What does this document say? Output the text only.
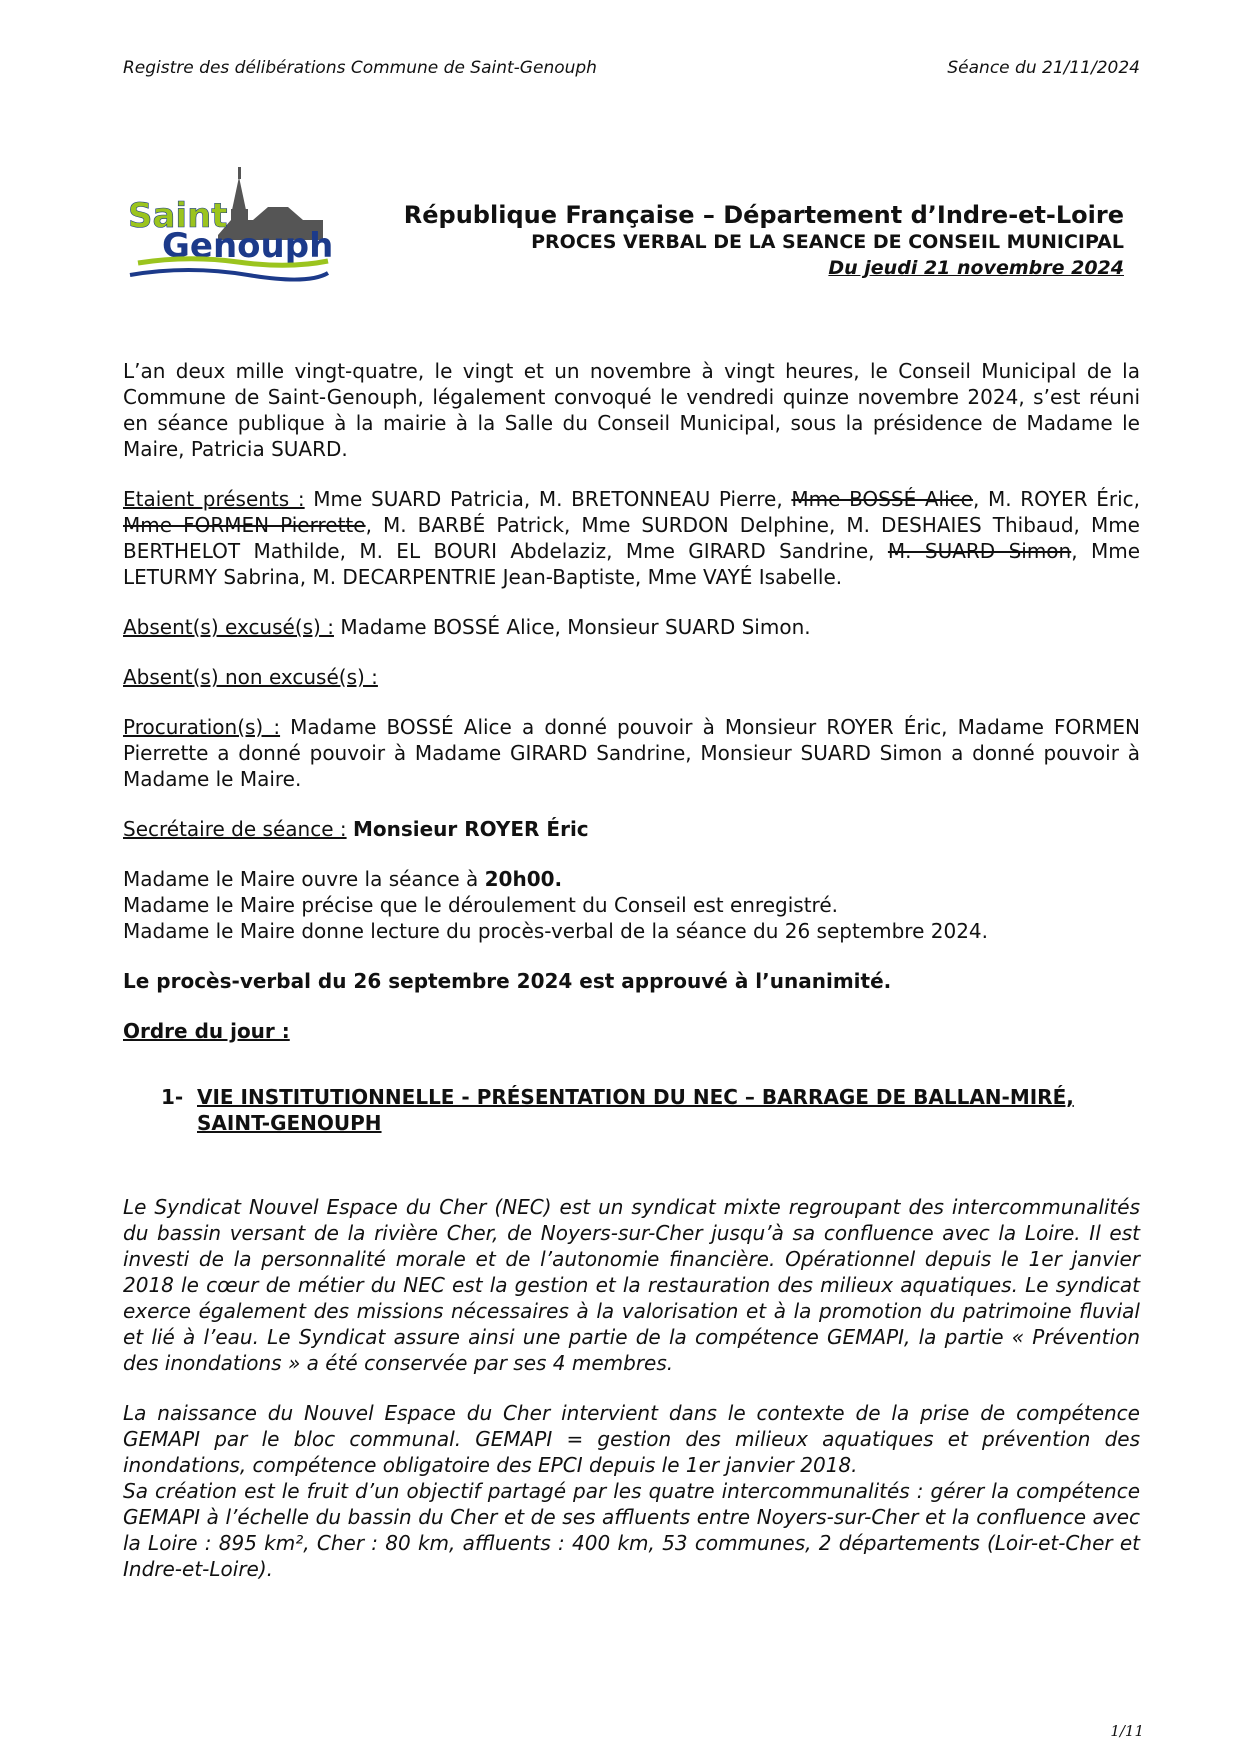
Registre des délibérations Commune de Saint-Genouph	Séance du 21/11/2024
Saint
Genouph
République Française – Département d’Indre-et-Loire
PROCES VERBAL DE LA SEANCE DE CONSEIL MUNICIPAL
Du jeudi 21 novembre 2024

L’an deux mille vingt-quatre, le vingt et un novembre à vingt heures, le Conseil Municipal de la Commune de Saint-Genouph, légalement convoqué le vendredi quinze novembre 2024, s’est réuni en séance publique à la mairie à la Salle du Conseil Municipal, sous la présidence de Madame le Maire, Patricia SUARD.

Etaient présents : Mme SUARD Patricia, M. BRETONNEAU Pierre, Mme BOSSÉ Alice, M. ROYER Éric, Mme FORMEN Pierrette, M. BARBÉ Patrick, Mme SURDON Delphine, M. DESHAIES Thibaud, Mme BERTHELOT Mathilde, M. EL BOURI Abdelaziz, Mme GIRARD Sandrine, M. SUARD Simon, Mme LETURMY Sabrina, M. DECARPENTRIE Jean-Baptiste, Mme VAYÉ Isabelle.

Absent(s) excusé(s) : Madame BOSSÉ Alice, Monsieur SUARD Simon.

Absent(s) non excusé(s) :

Procuration(s) : Madame BOSSÉ Alice a donné pouvoir à Monsieur ROYER Éric, Madame FORMEN Pierrette a donné pouvoir à Madame GIRARD Sandrine, Monsieur SUARD Simon a donné pouvoir à Madame le Maire.

Secrétaire de séance : Monsieur ROYER Éric

Madame le Maire ouvre la séance à 20h00.

Madame le Maire précise que le déroulement du Conseil est enregistré.

Madame le Maire donne lecture du procès-verbal de la séance du 26 septembre 2024.

Le procès-verbal du 26 septembre 2024 est approuvé à l’unanimité.

Ordre du jour :

1- VIE INSTITUTIONNELLE - PRÉSENTATION DU NEC – BARRAGE DE BALLAN-MIRÉ, SAINT-GENOUPH

Le Syndicat Nouvel Espace du Cher (NEC) est un syndicat mixte regroupant des intercommunalités du bassin versant de la rivière Cher, de Noyers-sur-Cher jusqu’à sa confluence avec la Loire. Il est investi de la personnalité morale et de l’autonomie financière. Opérationnel depuis le 1er janvier 2018 le cœur de métier du NEC est la gestion et la restauration des milieux aquatiques. Le syndicat exerce également des missions nécessaires à la valorisation et à la promotion du patrimoine fluvial et lié à l’eau. Le Syndicat assure ainsi une partie de la compétence GEMAPI, la partie « Prévention des inondations » a été conservée par ses 4 membres.

La naissance du Nouvel Espace du Cher intervient dans le contexte de la prise de compétence GEMAPI par le bloc communal. GEMAPI = gestion des milieux aquatiques et prévention des inondations, compétence obligatoire des EPCI depuis le 1er janvier 2018.

Sa création est le fruit d’un objectif partagé par les quatre intercommunalités : gérer la compétence GEMAPI à l’échelle du bassin du Cher et de ses affluents entre Noyers-sur-Cher et la confluence avec la Loire : 895 km², Cher : 80 km, affluents : 400 km, 53 communes, 2 départements (Loir-et-Cher et Indre-et-Loire).

1/11
